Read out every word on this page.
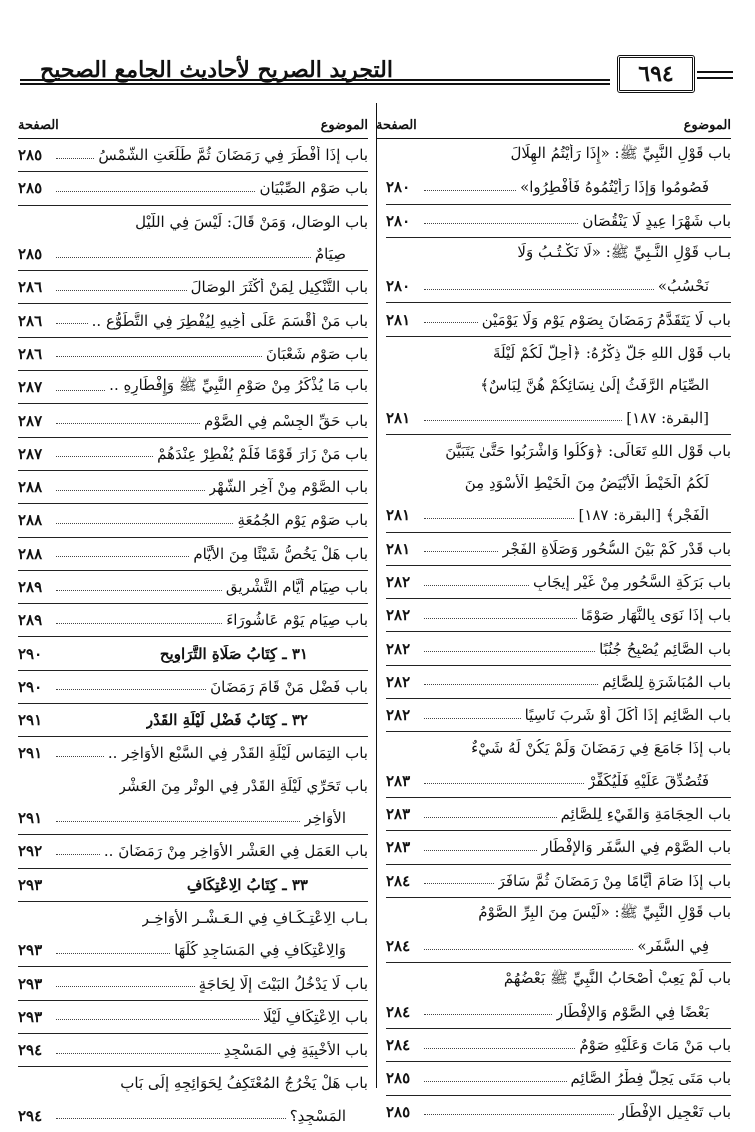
التجريد الصريح لأحاديث الجامع الصحيح	٦٩٤
الموضوع
الصفحة
باب قَوْلِ النَّبِيِّ ﷺ: «إِذَا رَأَيْتُمُ الهِلَالَ
فَصُومُوا وَإِذَا رَأَيْتُمُوهُ فَأَفْطِرُوا»
٢٨٠
باب شَهْرَا عِيدٍ لَا يَنْقُصَانِ
٢٨٠
بـاب قَوْلِ النَّـبِيِّ ﷺ: «لَا نَكْـتُـبُ وَلَا
نَحْسُبُ»
٢٨٠
باب لَا يَتَقَدَّمُ رَمَضَانَ بِصَوْمِ يَوْمٍ وَلَا يَوْمَيْنِ
٢٨١
باب قَوْلِ اللهِ جَلَّ ذِكْرُهُ: ﴿أُحِلَّ لَكُمْ لَيْلَةَ
الصِّيَامِ الرَّفَثُ إِلَىٰ نِسَائِكُمْ هُنَّ لِبَاسٌ﴾
[البقرة: ١٨٧]
٢٨١
باب قَوْلِ اللهِ تَعَالَى: ﴿وَكُلُوا وَاشْرَبُوا حَتَّىٰ يَتَبَيَّنَ
لَكُمُ الْخَيْطُ الْأَبْيَضُ مِنَ الْخَيْطِ الْأَسْوَدِ مِنَ
الْفَجْرِ﴾ [البقرة: ١٨٧]
٢٨١
باب قَدْرِ كَمْ بَيْنَ السُّحُورِ وَصَلَاةِ الفَجْرِ
٢٨١
باب بَرَكَةِ السَّحُورِ مِنْ غَيْرِ إِيجَابٍ
٢٨٢
باب إِذَا نَوَى بِالنَّهَارِ صَوْمًا
٢٨٢
باب الصَّائِمِ يُصْبِحُ جُنُبًا
٢٨٢
باب المُبَاشَرَةِ لِلصَّائِمِ
٢٨٢
باب الصَّائِمِ إِذَا أَكَلَ أَوْ شَرِبَ نَاسِيًا
٢٨٢
باب إِذَا جَامَعَ فِي رَمَضَانَ وَلَمْ يَكُنْ لَهُ شَيْءٌ
فَتُصُدِّقَ عَلَيْهِ فَلْيُكَفِّرْ
٢٨٣
باب الحِجَامَةِ وَالقَيْءِ لِلصَّائِمِ
٢٨٣
باب الصَّوْمِ فِي السَّفَرِ وَالإِفْطَارِ
٢٨٣
باب إِذَا صَامَ أَيَّامًا مِنْ رَمَضَانَ ثُمَّ سَافَرَ
٢٨٤
باب قَوْلِ النَّبِيِّ ﷺ: «لَيْسَ مِنَ البِرِّ الصَّوْمُ
فِي السَّفَرِ»
٢٨٤
باب لَمْ يَعِبْ أَصْحَابُ النَّبِيِّ ﷺ بَعْضُهُمْ
بَعْضًا فِي الصَّوْمِ وَالإِفْطَارِ
٢٨٤
باب مَنْ مَاتَ وَعَلَيْهِ صَوْمٌ
٢٨٤
باب مَتَى يَحِلُّ فِطْرُ الصَّائِمِ
٢٨٥
باب تَعْجِيلِ الإِفْطَارِ
٢٨٥
الموضوع
الصفحة
باب إِذَا أَفْطَرَ فِي رَمَضَانَ ثُمَّ طَلَعَتِ الشَّمْسُ
٢٨٥
باب صَوْمِ الصِّبْيَانِ
٢٨٥
باب الوِصَالِ، وَمَنْ قَالَ: لَيْسَ فِي اللَّيْلِ
صِيَامٌ
٢٨٥
باب التَّنْكِيلِ لِمَنْ أَكْثَرَ الوِصَالَ
٢٨٦
باب مَنْ أَقْسَمَ عَلَى أَخِيهِ لِيُفْطِرَ فِي التَّطَوُّعِ ..
٢٨٦
باب صَوْمِ شَعْبَانَ
٢٨٦
باب مَا يُذْكَرُ مِنْ صَوْمِ النَّبِيِّ ﷺ وَإِفْطَارِهِ ..
٢٨٧
باب حَقِّ الجِسْمِ فِي الصَّوْمِ
٢٨٧
باب مَنْ زَارَ قَوْمًا فَلَمْ يُفْطِرْ عِنْدَهُمْ
٢٨٧
باب الصَّوْمِ مِنْ آخِرِ الشَّهْرِ
٢٨٨
باب صَوْمِ يَوْمِ الجُمُعَةِ
٢٨٨
باب هَلْ يَخُصُّ شَيْئًا مِنَ الأَيَّامِ
٢٨٨
باب صِيَامِ أَيَّامِ التَّشْرِيقِ
٢٨٩
باب صِيَامِ يَوْمِ عَاشُورَاءَ
٢٨٩
٣١ ـ كِتَابُ صَلَاةِ التَّرَاوِيحِ
٢٩٠
باب فَضْلِ مَنْ قَامَ رَمَضَانَ
٢٩٠
٣٢ ـ كِتَابُ فَضْلِ لَيْلَةِ القَدْرِ
٢٩١
باب التِمَاسِ لَيْلَةِ القَدْرِ فِي السَّبْعِ الأَوَاخِرِ ..
٢٩١
باب تَحَرِّي لَيْلَةِ القَدْرِ فِي الوِتْرِ مِنَ العَشْرِ
الأَوَاخِرِ
٢٩١
باب العَمَلِ فِي العَشْرِ الأَوَاخِرِ مِنْ رَمَضَانَ ..
٢٩٢
٣٣ ـ كِتَابُ الِاعْتِكَافِ
٢٩٣
بـاب الِاعْتِـكَـافِ فِي الـعَـشْـرِ الأَوَاخِـرِ
وَالِاعْتِكَافِ فِي المَسَاجِدِ كُلِّهَا
٢٩٣
باب لَا يَدْخُلُ البَيْتَ إِلَّا لِحَاجَةٍ
٢٩٣
باب الِاعْتِكَافِ لَيْلًا
٢٩٣
باب الأَخْبِيَةِ فِي المَسْجِدِ
٢٩٤
باب هَلْ يَخْرُجُ المُعْتَكِفُ لِحَوَائِجِهِ إِلَى بَابِ
المَسْجِدِ؟
٢٩٤
